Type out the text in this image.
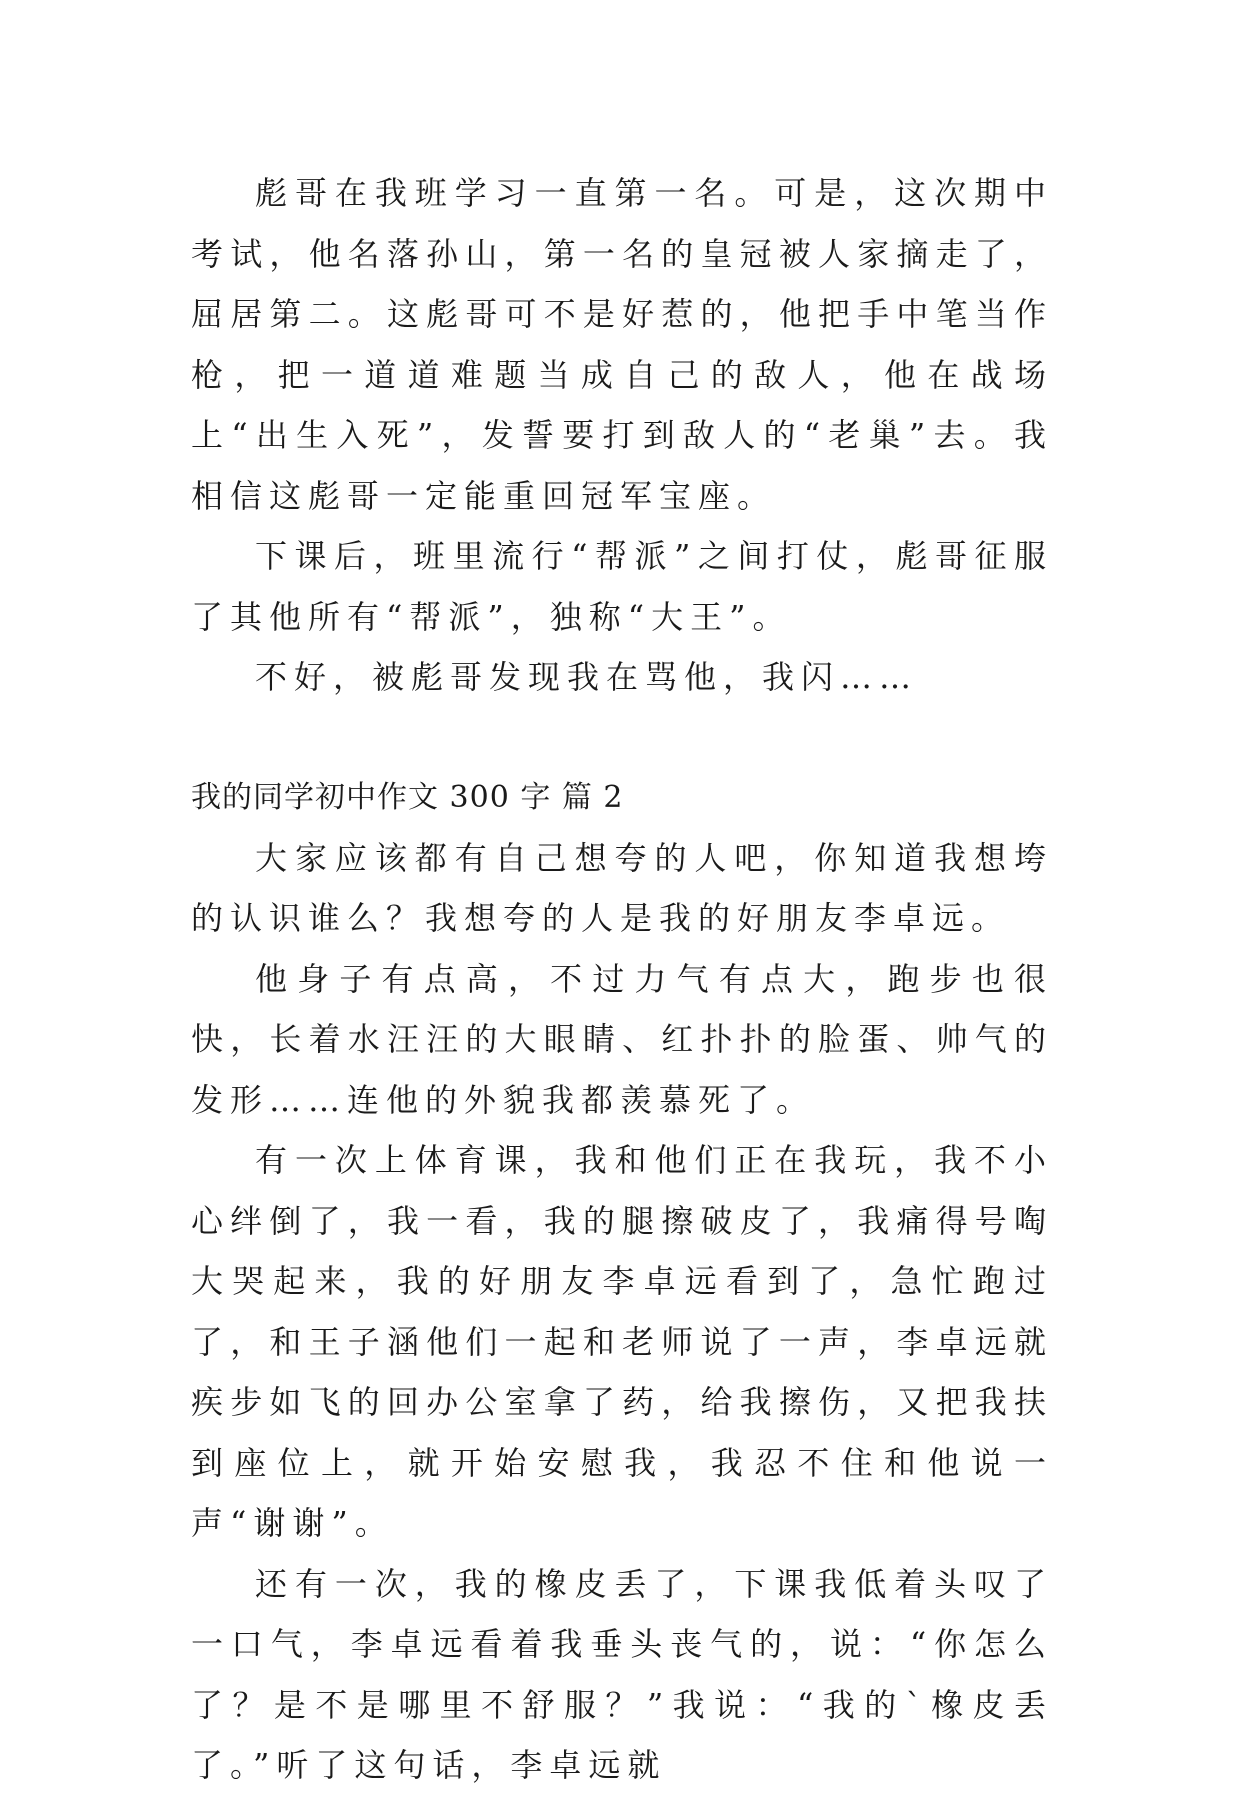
彪哥在我班学习一直第一名。可是，这次期中考试，他名落孙山，第一名的皇冠被人家摘走了，屈居第二。这彪哥可不是好惹的，他把手中笔当作枪，把一道道难题当成自己的敌人，他在战场上“出生入死”，发誓要打到敌人的“老巢”去。我相信这彪哥一定能重回冠军宝座。

下课后，班里流行“帮派”之间打仗，彪哥征服了其他所有“帮派”，独称“大王”。

不好，被彪哥发现我在骂他，我闪……

我的同学初中作文 300 字 篇 2

大家应该都有自己想夸的人吧，你知道我想垮的认识谁么？我想夸的人是我的好朋友李卓远。

他身子有点高，不过力气有点大，跑步也很快，长着水汪汪的大眼睛、红扑扑的脸蛋、帅气的发形……连他的外貌我都羡慕死了。

有一次上体育课，我和他们正在我玩，我不小心绊倒了，我一看，我的腿擦破皮了，我痛得号啕大哭起来，我的好朋友李卓远看到了，急忙跑过了，和王子涵他们一起和老师说了一声，李卓远就疾步如飞的回办公室拿了药，给我擦伤，又把我扶到座位上，就开始安慰我，我忍不住和他说一声“谢谢”。

还有一次，我的橡皮丢了，下课我低着头叹了一口气，李卓远看着我垂头丧气的，说：“你怎么了？是不是哪里不舒服？”我说：“我的`橡皮丢了。”听了这句话，李卓远就
